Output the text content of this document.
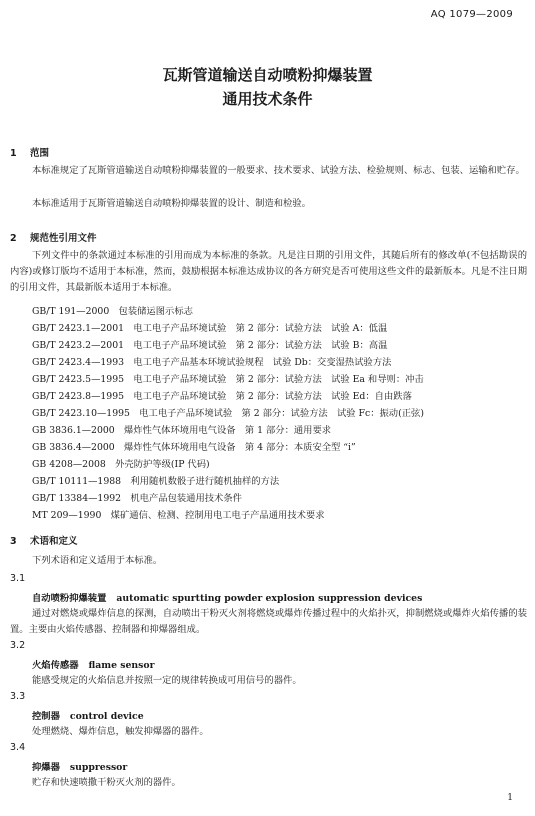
AQ 1079—2009
瓦斯管道输送自动喷粉抑爆装置
通用技术条件
1 范围
本标准规定了瓦斯管道输送自动喷粉抑爆装置的一般要求、技术要求、试验方法、检验规则、标志、包装、运输和贮存。
本标准适用于瓦斯管道输送自动喷粉抑爆装置的设计、制造和检验。
2 规范性引用文件
下列文件中的条款通过本标准的引用而成为本标准的条款。凡是注日期的引用文件，其随后所有的修改单(不包括勘误的内容)或修订版均不适用于本标准，然而，鼓励根据本标准达成协议的各方研究是否可使用这些文件的最新版本。凡是不注日期的引用文件，其最新版本适用于本标准。
GB/T 191—2000　包装储运图示标志
GB/T 2423.1—2001　电工电子产品环境试验　第 2 部分：试验方法　试验 A：低温
GB/T 2423.2—2001　电工电子产品环境试验　第 2 部分：试验方法　试验 B：高温
GB/T 2423.4—1993　电工电子产品基本环境试验规程　试验 Db：交变湿热试验方法
GB/T 2423.5—1995　电工电子产品环境试验　第 2 部分：试验方法　试验 Ea 和导则：冲击
GB/T 2423.8—1995　电工电子产品环境试验　第 2 部分：试验方法　试验 Ed：自由跌落
GB/T 2423.10—1995　电工电子产品环境试验　第 2 部分：试验方法　试验 Fc：振动(正弦)
GB 3836.1—2000　爆炸性气体环境用电气设备　第 1 部分：通用要求
GB 3836.4—2000　爆炸性气体环境用电气设备　第 4 部分：本质安全型 “i”
GB 4208—2008　外壳防护等级(IP 代码)
GB/T 10111—1988　利用随机数骰子进行随机抽样的方法
GB/T 13384—1992　机电产品包装通用技术条件
MT 209—1990　煤矿通信、检测、控制用电工电子产品通用技术要求
3 术语和定义
下列术语和定义适用于本标准。
3.1
自动喷粉抑爆装置 automatic spurtting powder explosion suppression devices
通过对燃烧或爆炸信息的探测，自动喷出干粉灭火剂将燃烧或爆炸传播过程中的火焰扑灭，抑制燃烧或爆炸火焰传播的装置。主要由火焰传感器、控制器和抑爆器组成。
3.2
火焰传感器 flame sensor
能感受规定的火焰信息并按照一定的规律转换成可用信号的器件。
3.3
控制器 control device
处理燃烧、爆炸信息，触发抑爆器的器件。
3.4
抑爆器 suppressor
贮存和快速喷撒干粉灭火剂的器件。
1
